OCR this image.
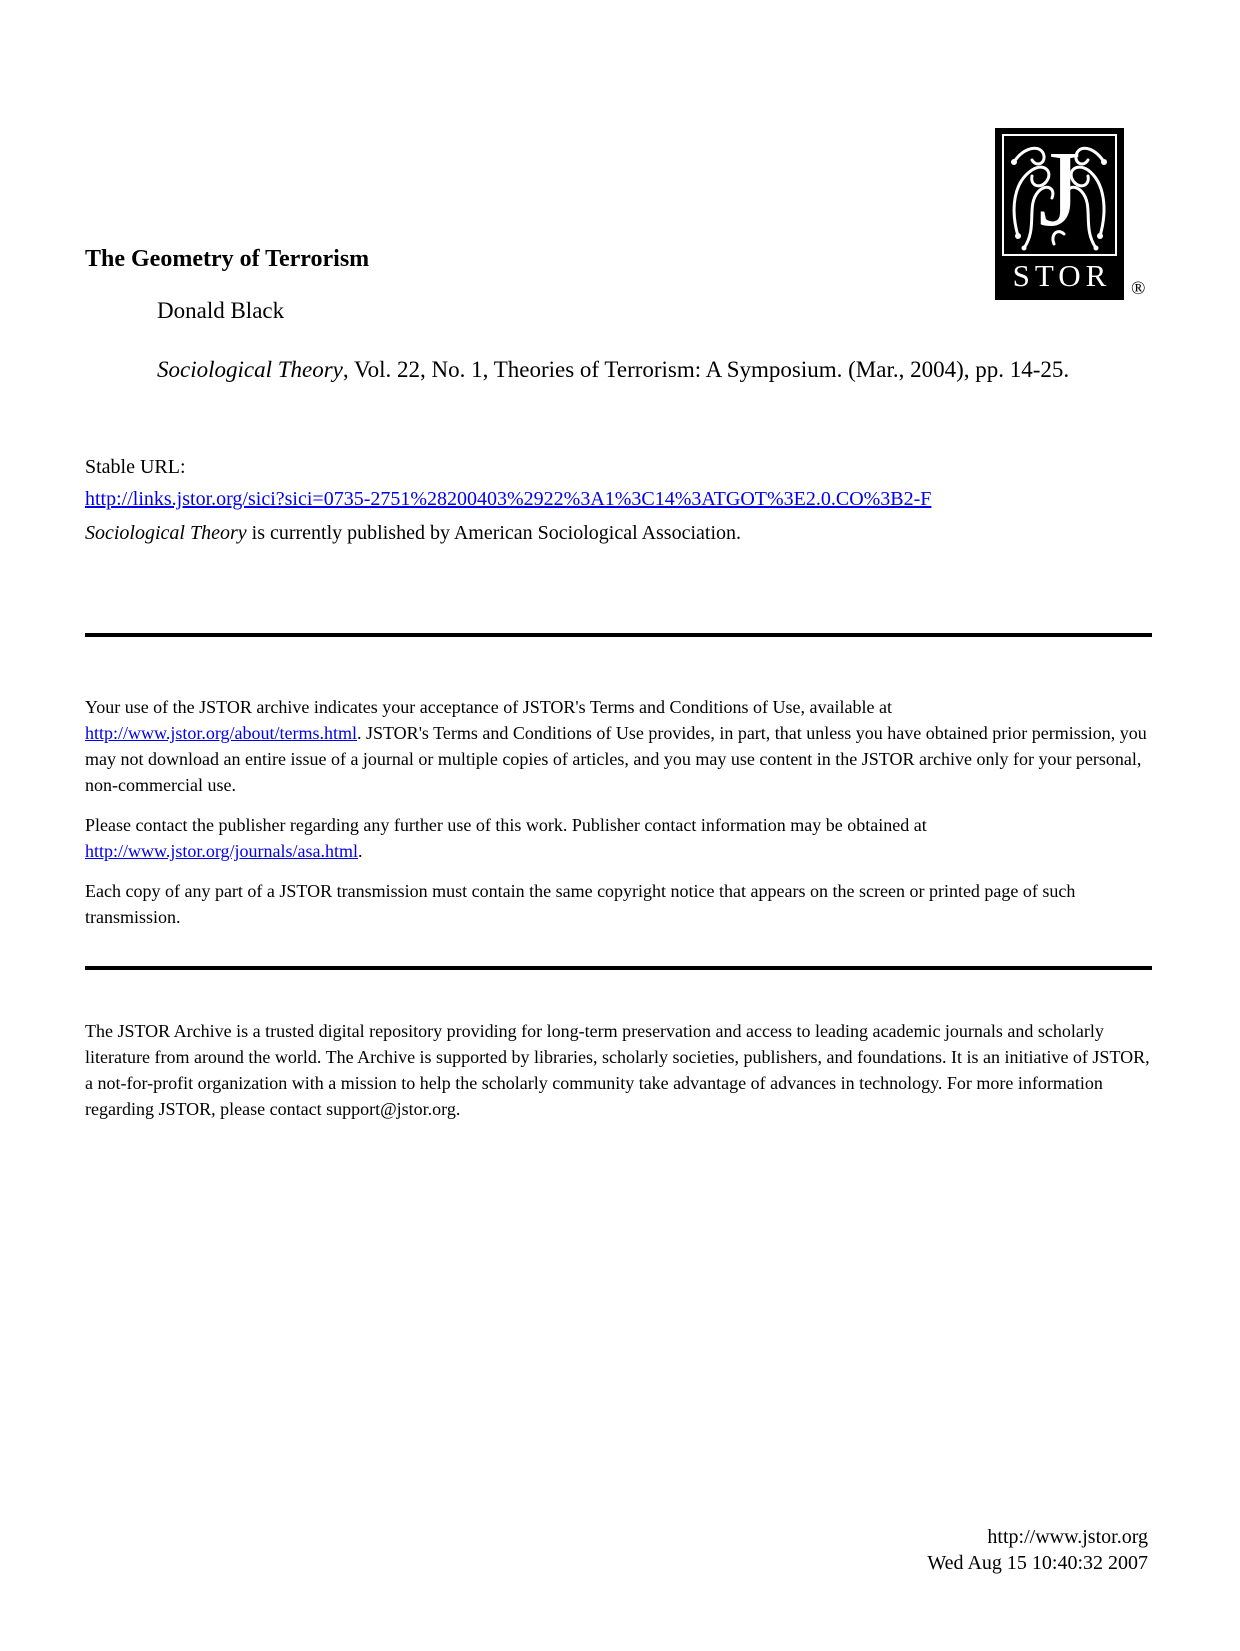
J
STOR	®
The Geometry of Terrorism
Donald Black
Sociological Theory, Vol. 22, No. 1, Theories of Terrorism: A Symposium. (Mar., 2004), pp. 14-25.
Stable URL:
http://links.jstor.org/sici?sici=0735-2751%28200403%2922%3A1%3C14%3ATGOT%3E2.0.CO%3B2-F
Sociological Theory is currently published by American Sociological Association.

Your use of the JSTOR archive indicates your acceptance of JSTOR's Terms and Conditions of Use, available at http://www.jstor.org/about/terms.html. JSTOR's Terms and Conditions of Use provides, in part, that unless you have obtained prior permission, you may not download an entire issue of a journal or multiple copies of articles, and you may use content in the JSTOR archive only for your personal, non-commercial use.

Please contact the publisher regarding any further use of this work. Publisher contact information may be obtained at http://www.jstor.org/journals/asa.html.

Each copy of any part of a JSTOR transmission must contain the same copyright notice that appears on the screen or printed page of such transmission.

The JSTOR Archive is a trusted digital repository providing for long-term preservation and access to leading academic journals and scholarly literature from around the world. The Archive is supported by libraries, scholarly societies, publishers, and foundations. It is an initiative of JSTOR, a not-for-profit organization with a mission to help the scholarly community take advantage of advances in technology. For more information regarding JSTOR, please contact support@jstor.org.

http://www.jstor.org
Wed Aug 15 10:40:32 2007
